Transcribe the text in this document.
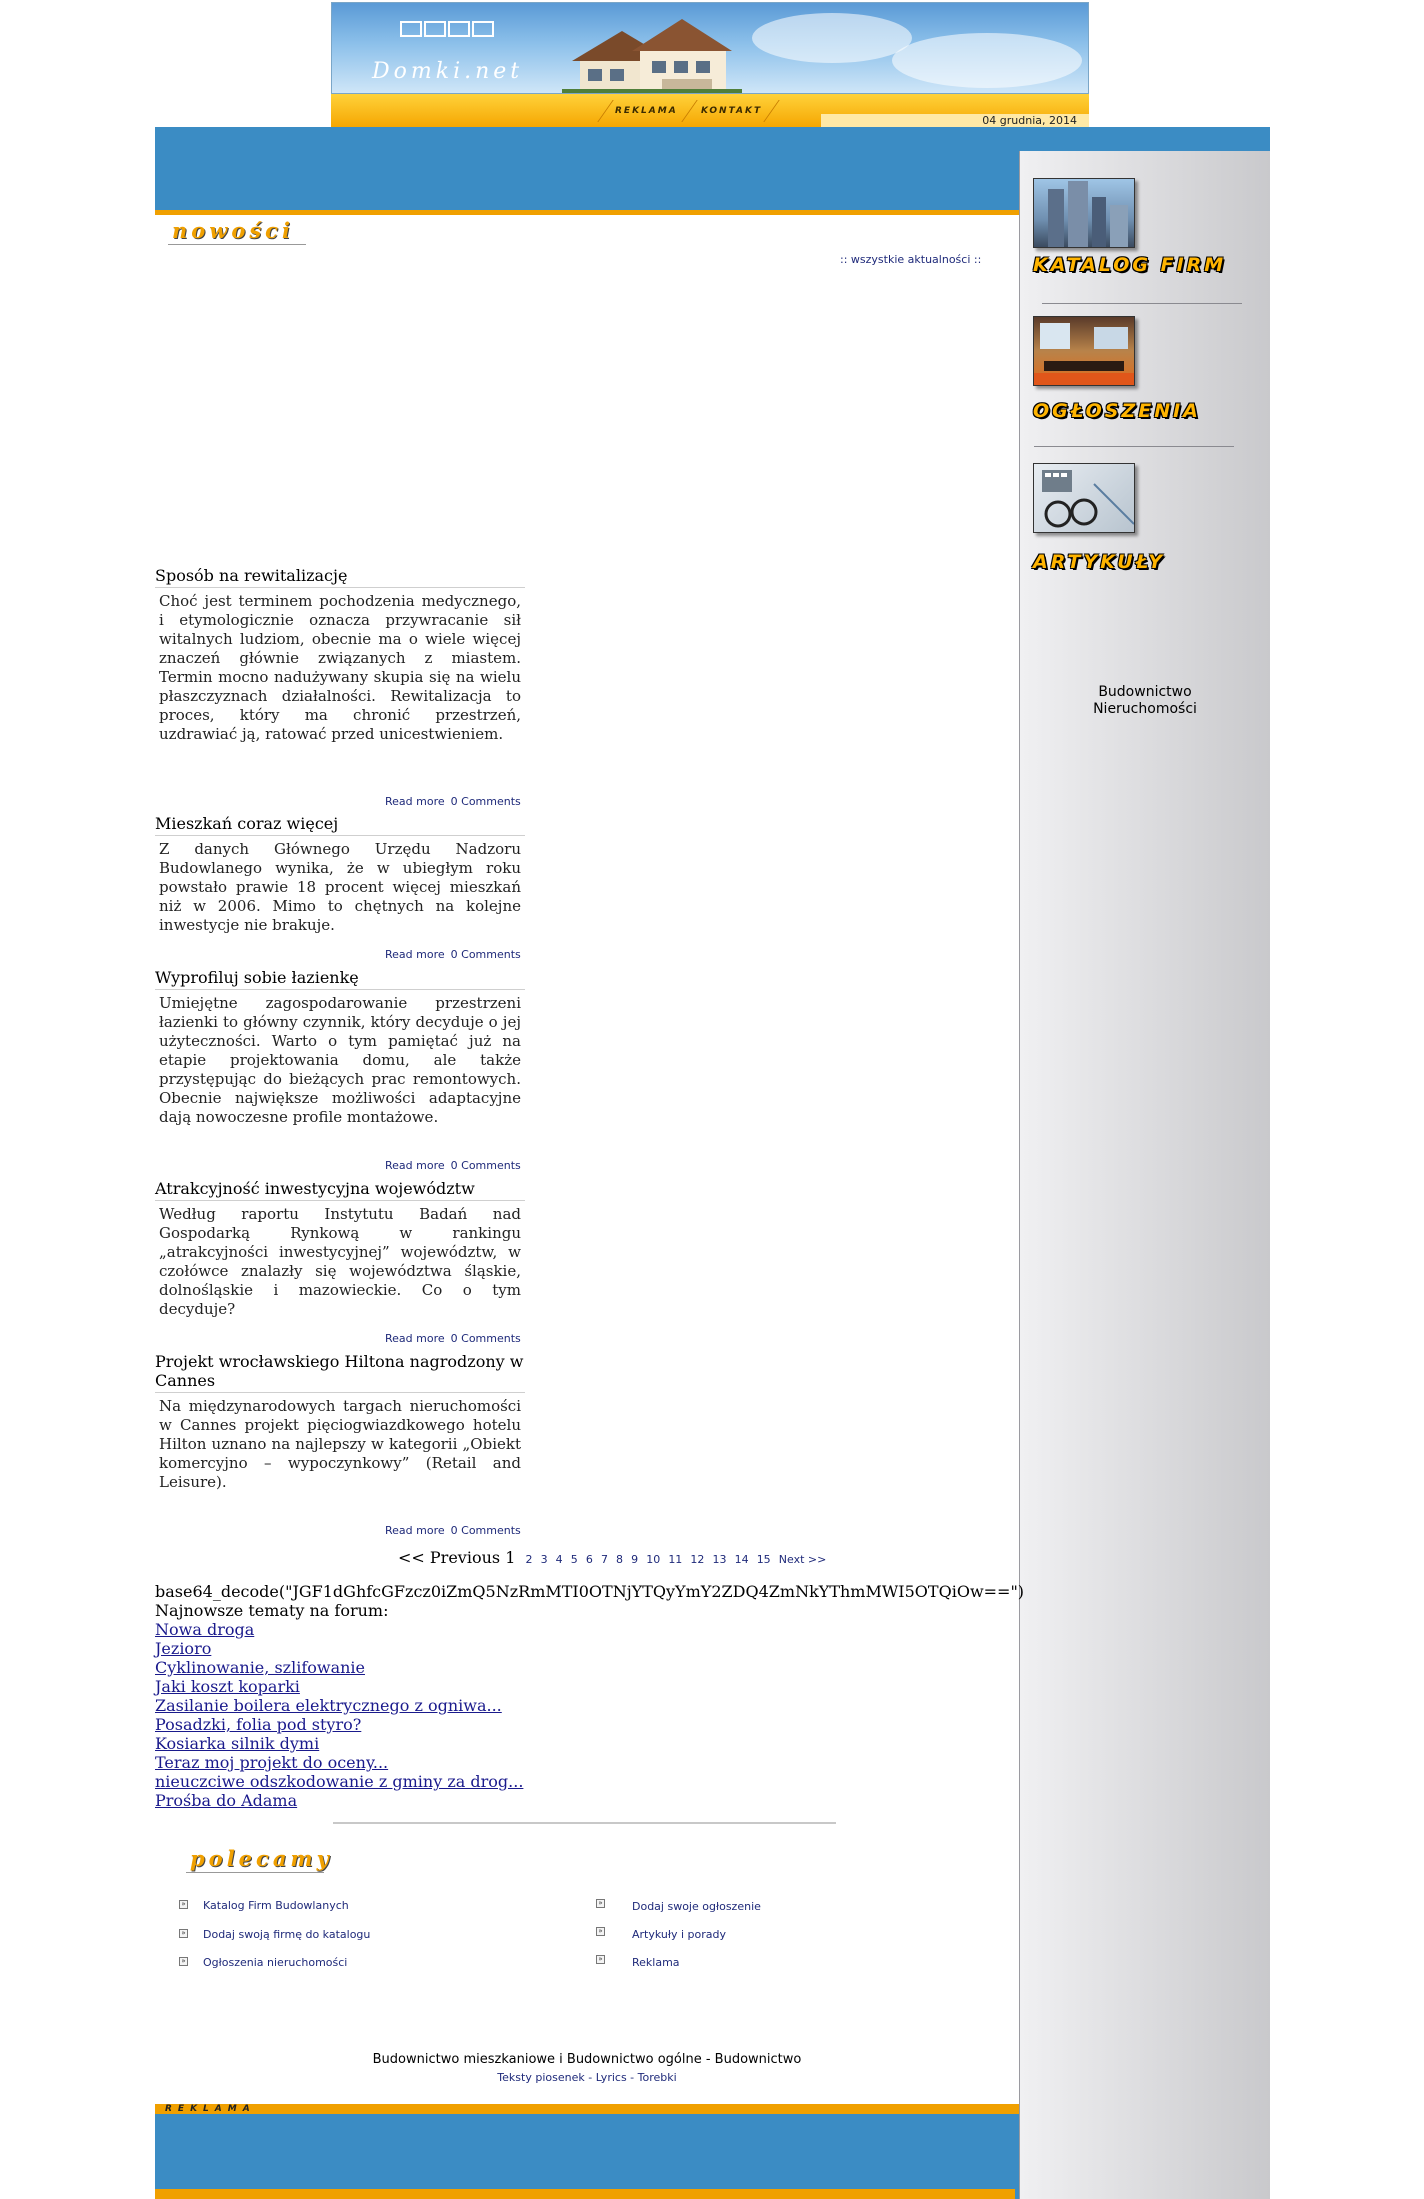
Domki.net
REKLAMA	KONTAKT
04 grudnia, 2014
KATALOG FIRM
OGŁOSZENIA
ARTYKUŁY
Budownictwo
Nieruchomości
nowości
:: wszystkie aktualności ::
Sposób na rewitalizację
Choć jest terminem pochodzenia medycznego, i etymologicznie oznacza przywracanie sił witalnych ludziom, obecnie ma o wiele więcej znaczeń głównie związanych z miastem. Termin mocno nadużywany skupia się na wielu płaszczyznach działalności. Rewitalizacja to proces, który ma chronić przestrzeń, uzdrawiać ją, ratować przed unicestwieniem.
Read more 0 Comments
Mieszkań coraz więcej
Z danych Głównego Urzędu Nadzoru Budowlanego wynika, że w ubiegłym roku powstało prawie 18 procent więcej mieszkań niż w 2006. Mimo to chętnych na kolejne inwestycje nie brakuje.
Read more 0 Comments
Wyprofiluj sobie łazienkę
Umiejętne zagospodarowanie przestrzeni łazienki to główny czynnik, który decyduje o jej użyteczności. Warto o tym pamiętać już na etapie projektowania domu, ale także przystępując do bieżących prac remontowych. Obecnie największe możliwości adaptacyjne dają nowoczesne profile montażowe.
Read more 0 Comments
Atrakcyjność inwestycyjna województw
Według raportu Instytutu Badań nad Gospodarką Rynkową w rankingu „atrakcyjności inwestycyjnej” województw, w czołówce znalazły się województwa śląskie, dolnośląskie i mazowieckie. Co o tym decyduje?
Read more 0 Comments
Projekt wrocławskiego Hiltona nagrodzony w Cannes
Na międzynarodowych targach nieruchomości w Cannes projekt pięciogwiazdkowego hotelu Hilton uznano na najlepszy w kategorii „Obiekt komercyjno – wypoczynkowy” (Retail and Leisure).
Read more 0 Comments
<< Previous 1 2 3 4 5 6 7 8 9 10 11 12 13 14 15 Next >>
base64_decode("JGF1dGhfcGFzcz0iZmQ5NzRmMTI0OTNjYTQyYmY2ZDQ4ZmNkYThmMWI5OTQiOw==")
Najnowsze tematy na forum:
Nowa droga
Jezioro
Cyklinowanie, szlifowanie
Jaki koszt koparki
Zasilanie boilera elektrycznego z ogniwa...
Posadzki, folia pod styro?
Kosiarka silnik dymi
Teraz moj projekt do oceny...
nieuczciwe odszkodowanie z gminy za drog...
Prośba do Adama
polecamy
» Katalog Firm Budowlanych
» Dodaj swoją firmę do katalogu
» Ogłoszenia nieruchomości
»	Dodaj swoje ogłoszenie
»	Artykuły i porady
»	Reklama
Budownictwo mieszkaniowe i Budownictwo ogólne - Budownictwo
Teksty piosenek - Lyrics - Torebki
REKLAMA
